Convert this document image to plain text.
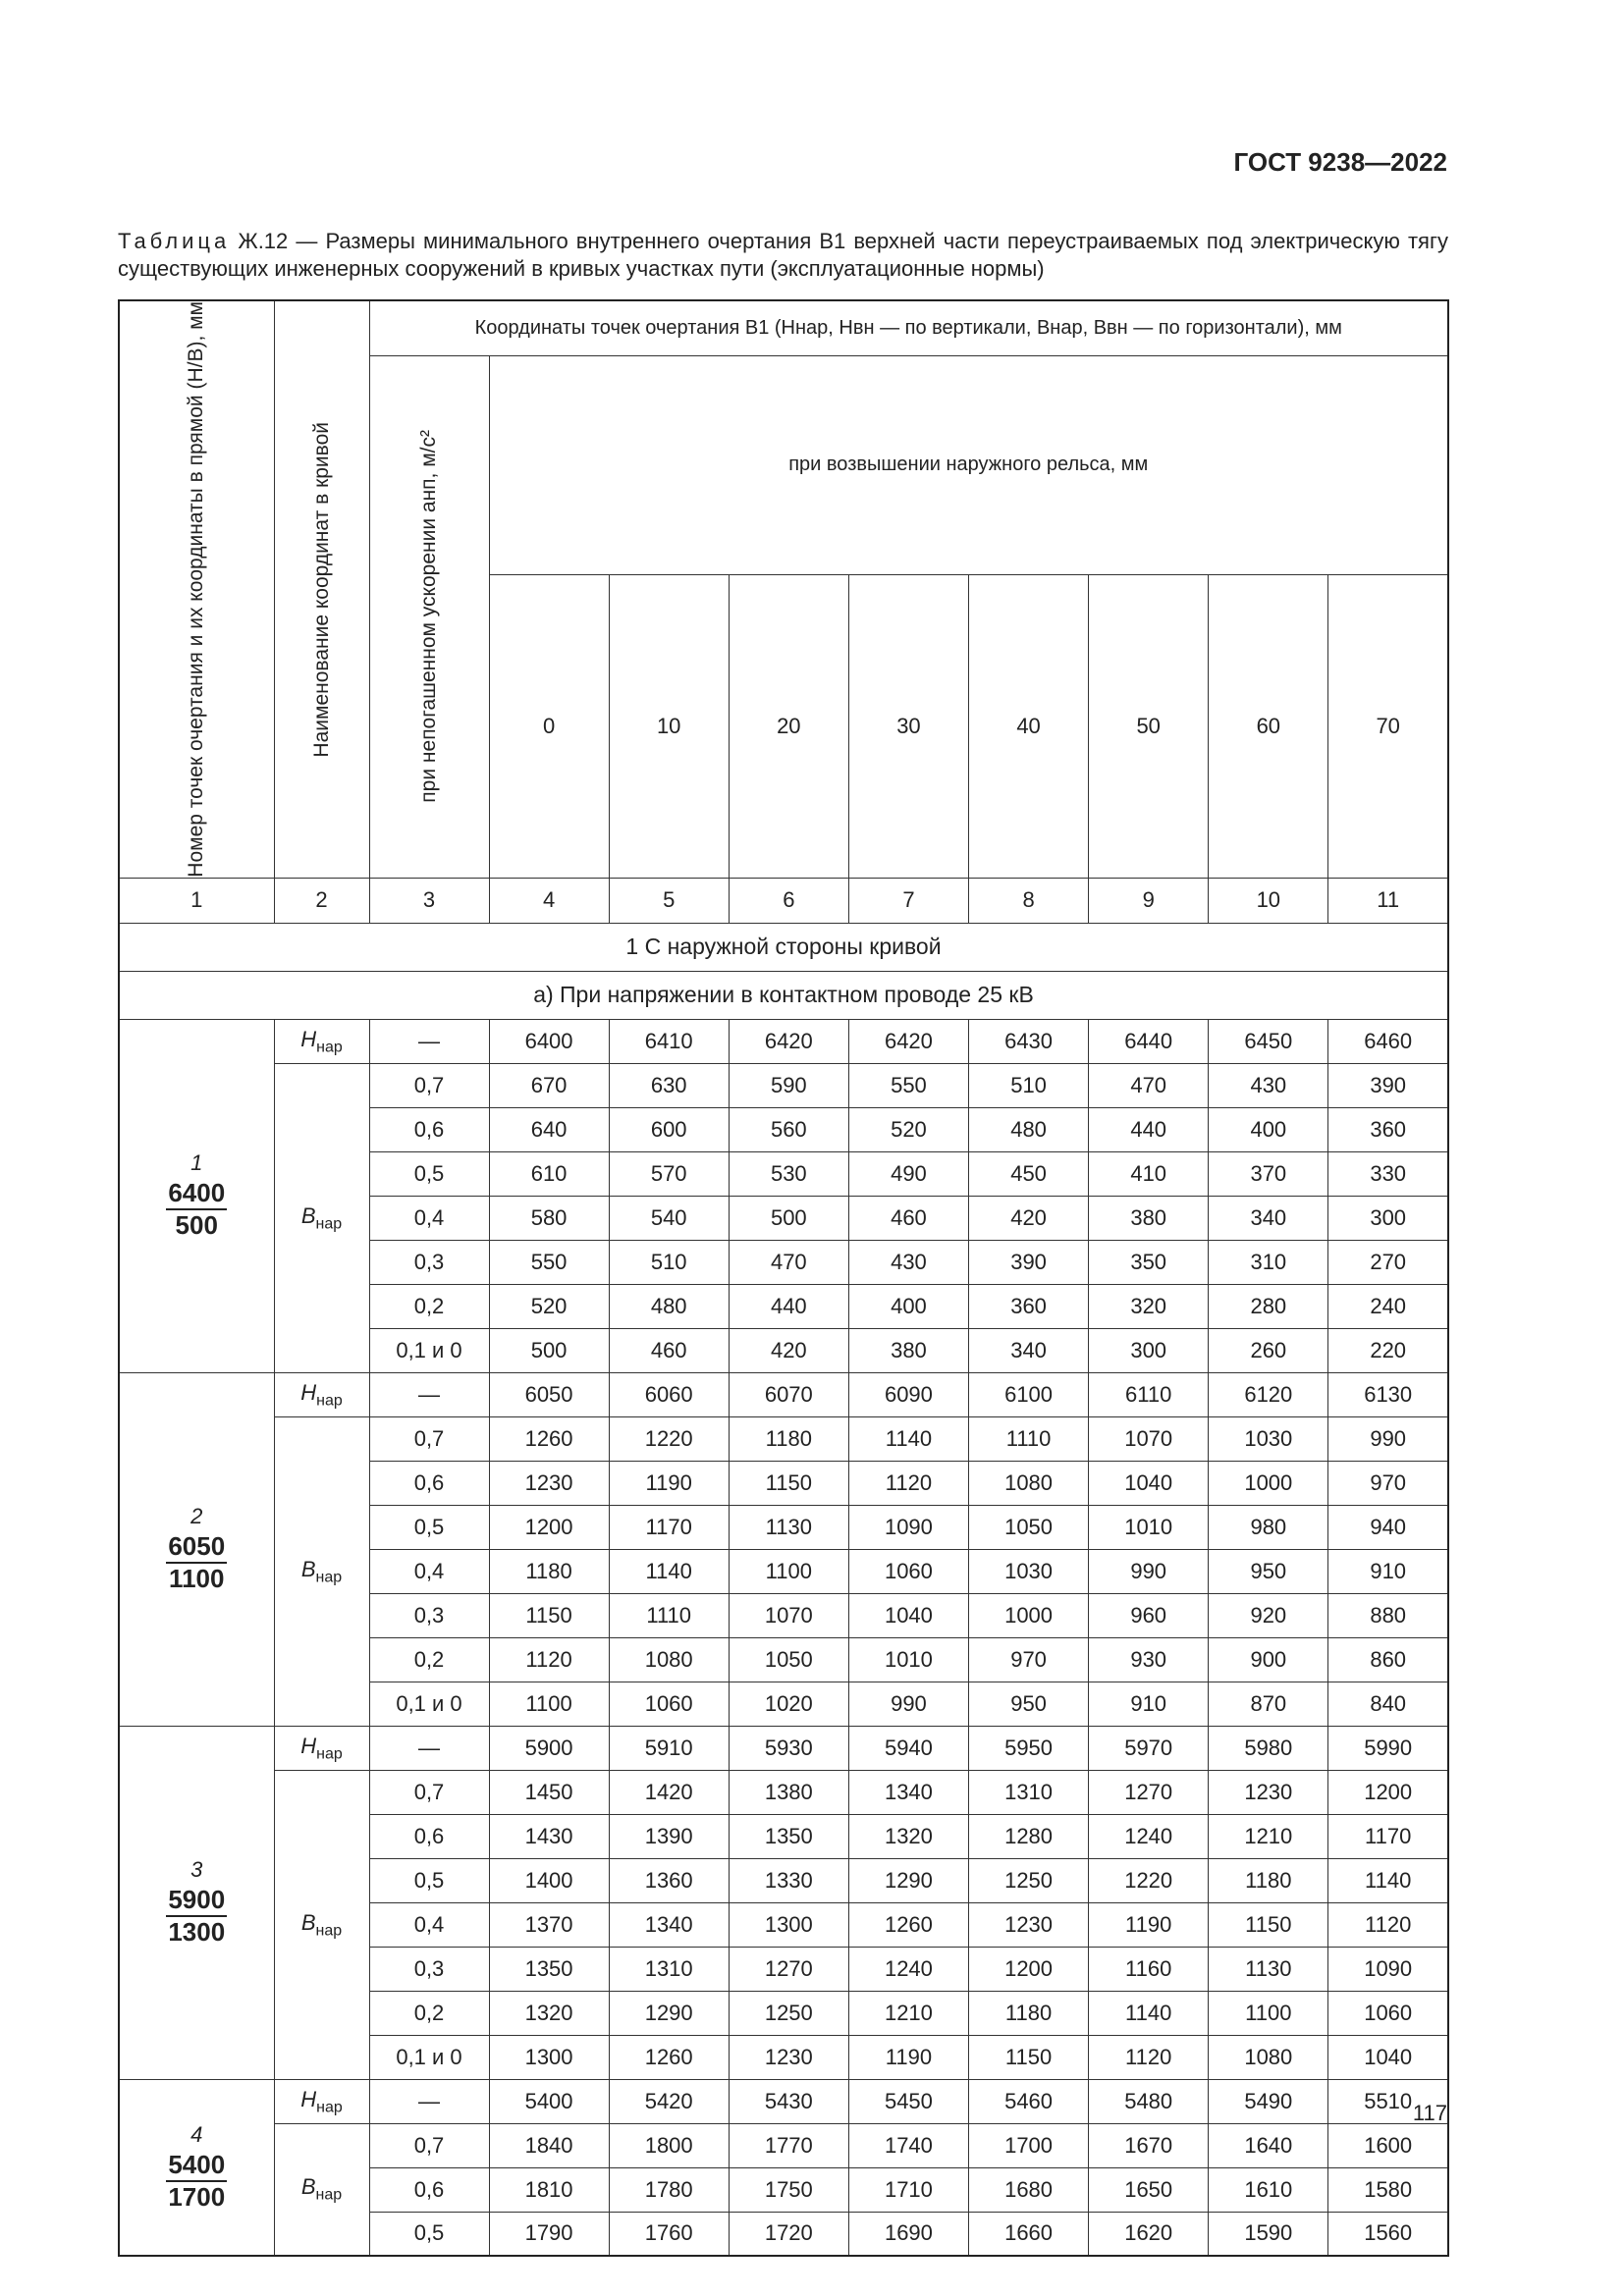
ГОСТ 9238—2022
Таблица Ж.12 — Размеры минимального внутреннего очертания В1 верхней части переустраиваемых под электрическую тягу существующих инженерных сооружений в кривых участках пути (эксплуатационные нормы)
Номер точек очертания и их координаты в прямой (H/B), мм	Наименование координат в кривой	Координаты точек очертания В1 (Hнар, Hвн — по вертикали, Bнар, Bвн — по горизонтали), мм								

		при непогашенном ускорении aнп, м/с²	при возвышении наружного рельса, мм							
			0	10	20	30	40	50	60	70
1	2	3	4	5	6	7	8	9	10	11
1 С наружной стороны кривой										
а) При напряжении в контактном проводе 25 кВ										

1
$\frac{6400}{500}$	$H_{нар}$	—	6400	6410	6420	6420	6430	6440	6450	6460
	$B_{нар}$	0,7	670	630	590	550	510	470	430	390
		0,6	640	600	560	520	480	440	400	360
		0,5	610	570	530	490	450	410	370	330
		0,4	580	540	500	460	420	380	340	300
		0,3	550	510	470	430	390	350	310	270
		0,2	520	480	440	400	360	320	280	240
		0,1 и 0	500	460	420	380	340	300	260	220

2
$\frac{6050}{1100}$	$H_{нар}$	—	6050	6060	6070	6090	6100	6110	6120	6130
	$B_{нар}$	0,7	1260	1220	1180	1140	1110	1070	1030	990
		0,6	1230	1190	1150	1120	1080	1040	1000	970
		0,5	1200	1170	1130	1090	1050	1010	980	940
		0,4	1180	1140	1100	1060	1030	990	950	910
		0,3	1150	1110	1070	1040	1000	960	920	880
		0,2	1120	1080	1050	1010	970	930	900	860
		0,1 и 0	1100	1060	1020	990	950	910	870	840

3
$\frac{5900}{1300}$	$H_{нар}$	—	5900	5910	5930	5940	5950	5970	5980	5990
	$B_{нар}$	0,7	1450	1420	1380	1340	1310	1270	1230	1200
		0,6	1430	1390	1350	1320	1280	1240	1210	1170
		0,5	1400	1360	1330	1290	1250	1220	1180	1140
		0,4	1370	1340	1300	1260	1230	1190	1150	1120
		0,3	1350	1310	1270	1240	1200	1160	1130	1090
		0,2	1320	1290	1250	1210	1180	1140	1100	1060
		0,1 и 0	1300	1260	1230	1190	1150	1120	1080	1040

4
$\frac{5400}{1700}$	$H_{нар}$	—	5400	5420	5430	5450	5460	5480	5490	5510
	$B_{нар}$	0,7	1840	1800	1770	1740	1700	1670	1640	1600
		0,6	1810	1780	1750	1710	1680	1650	1610	1580
		0,5	1790	1760	1720	1690	1660	1620	1590	1560
117
